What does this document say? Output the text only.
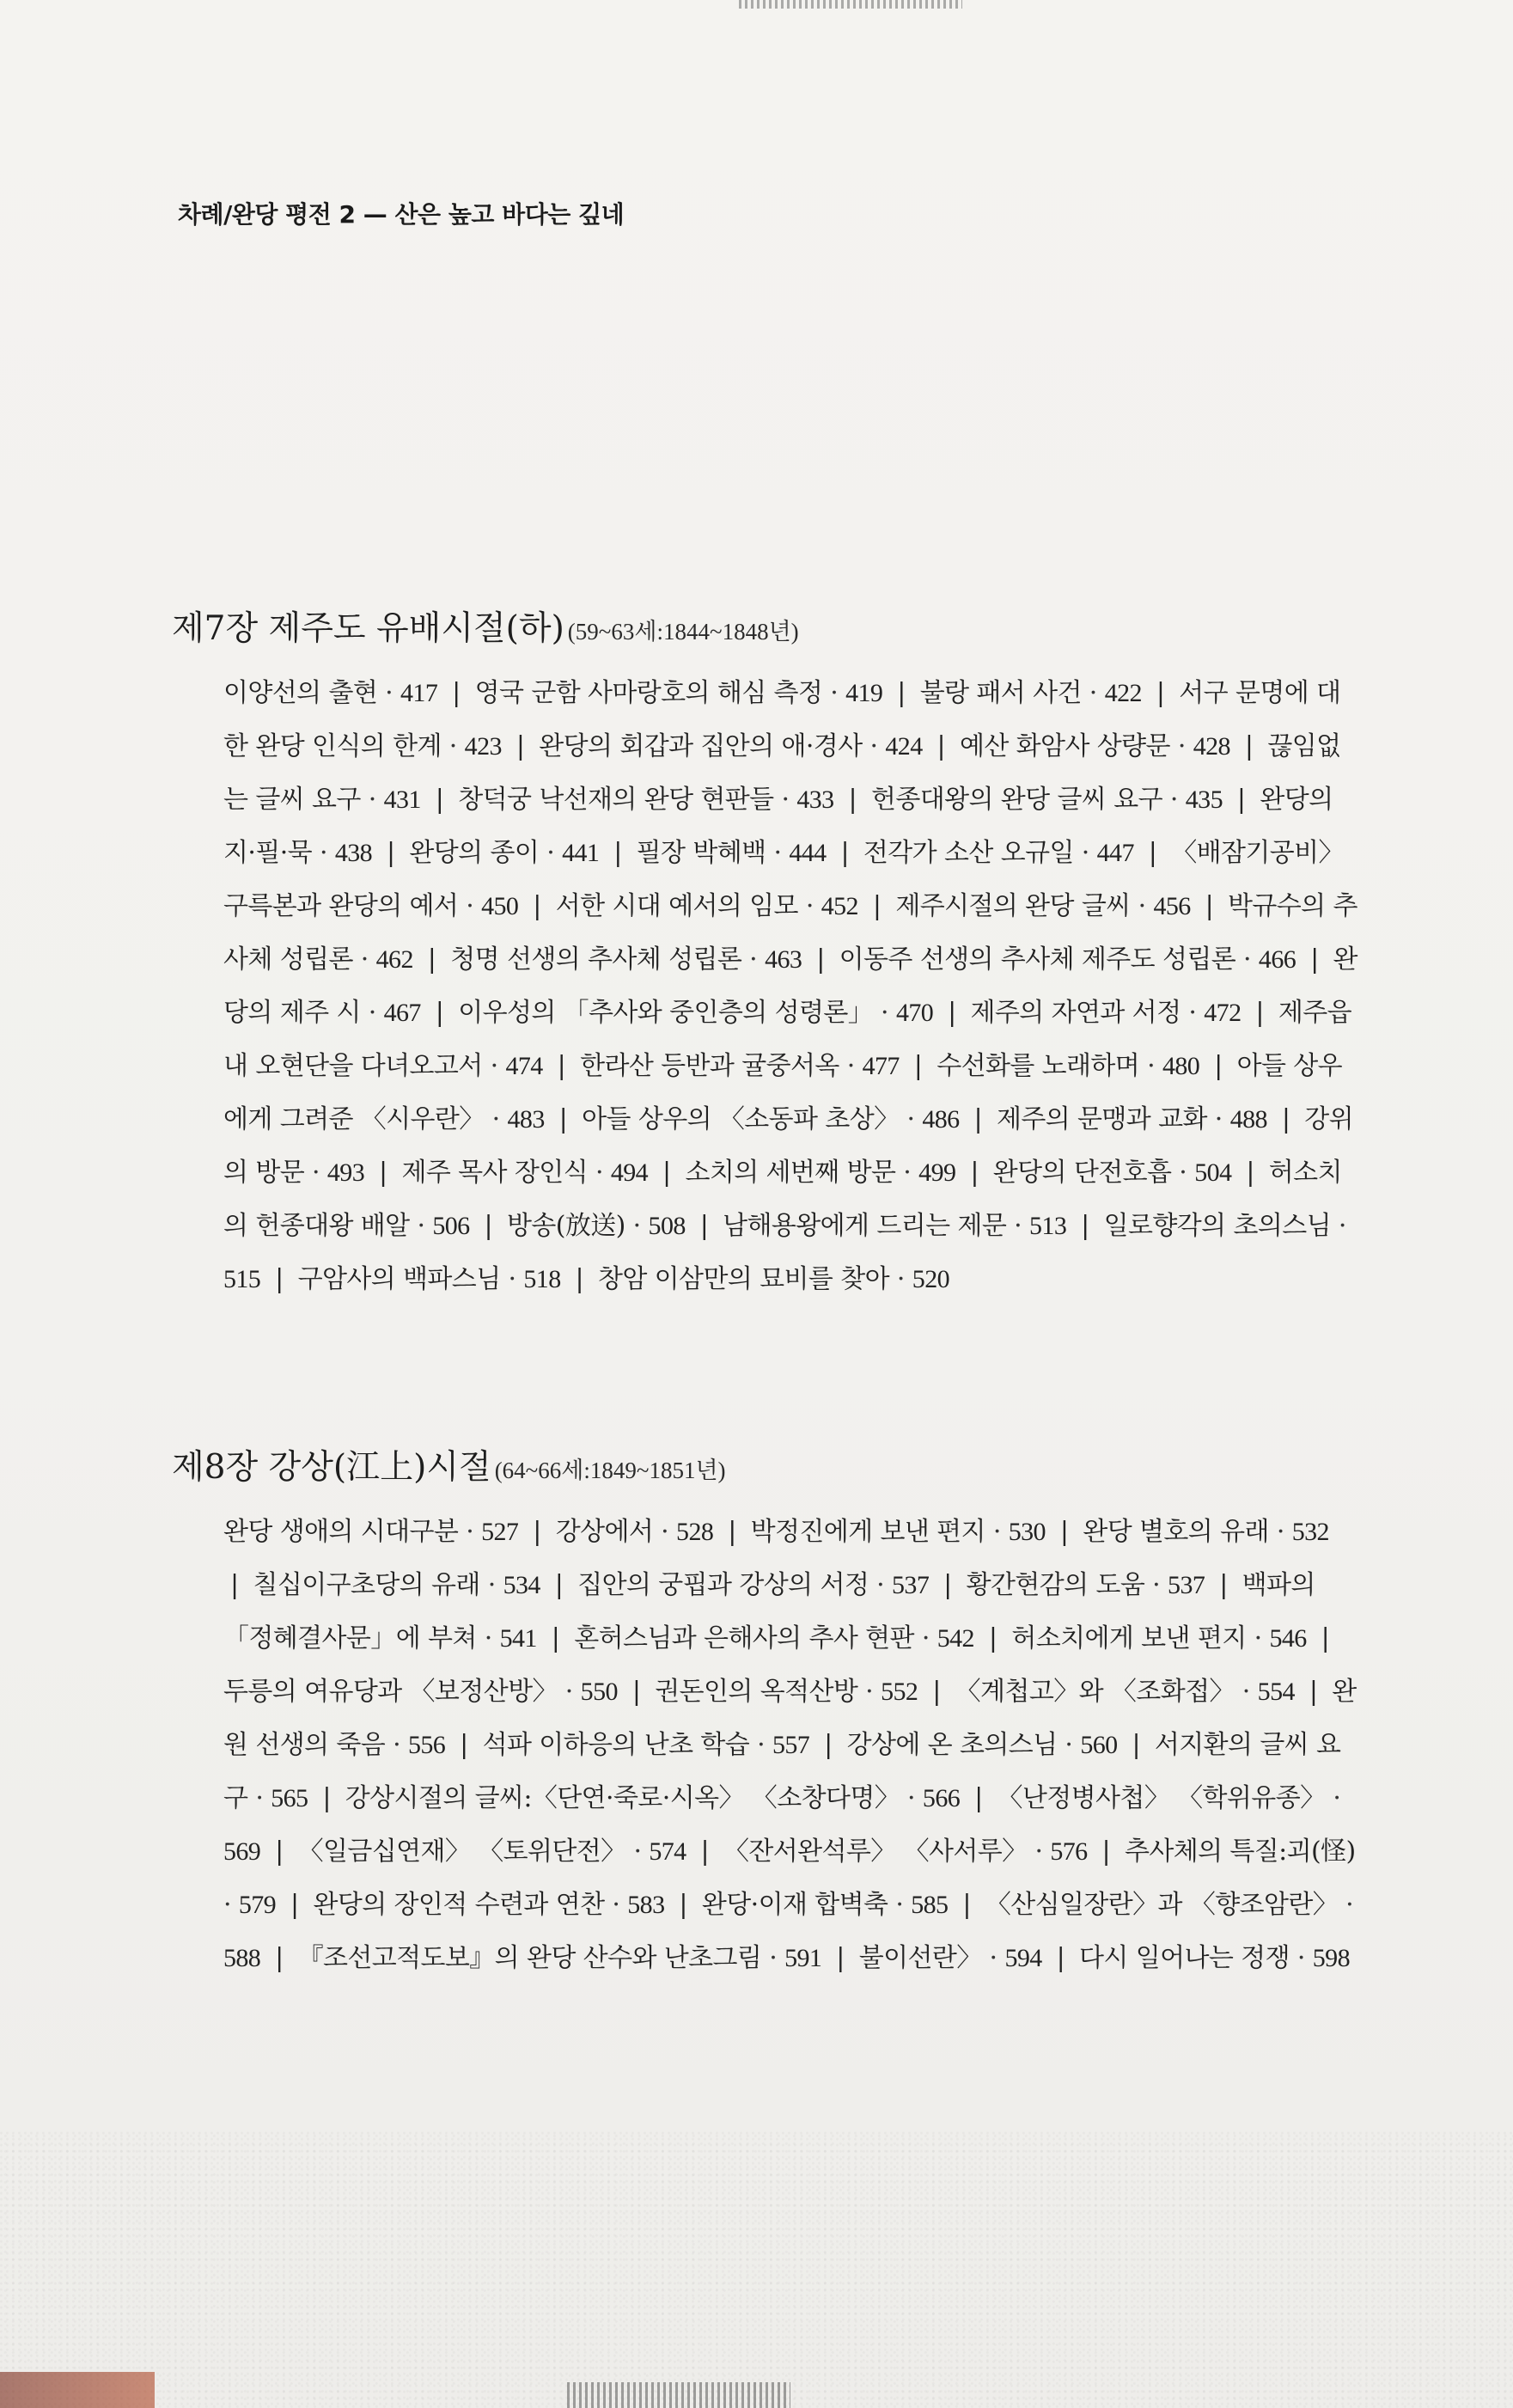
차례/완당 평전 2 — 산은 높고 바다는 깊네
제7장 제주도 유배시절(하) (59~63세:1844~1848년)

이양선의 출현 · 417 | 영국 군함 사마랑호의 해심 측정 · 419 | 불랑 패서 사건 · 422 | 서구 문명에 대한 완당 인식의 한계 · 423 | 완당의 회갑과 집안의 애·경사 · 424 | 예산 화암사 상량문 · 428 | 끊임없는 글씨 요구 · 431 | 창덕궁 낙선재의 완당 현판들 · 433 | 헌종대왕의 완당 글씨 요구 · 435 | 완당의 지·필·묵 · 438 | 완당의 종이 · 441 | 필장 박혜백 · 444 | 전각가 소산 오규일 · 447 | 〈배잠기공비〉 구륵본과 완당의 예서 · 450 | 서한 시대 예서의 임모 · 452 | 제주시절의 완당 글씨 · 456 | 박규수의 추사체 성립론 · 462 | 청명 선생의 추사체 성립론 · 463 | 이동주 선생의 추사체 제주도 성립론 · 466 | 완당의 제주 시 · 467 | 이우성의 「추사와 중인층의 성령론」 · 470 | 제주의 자연과 서정 · 472 | 제주읍내 오현단을 다녀오고서 · 474 | 한라산 등반과 귤중서옥 · 477 | 수선화를 노래하며 · 480 | 아들 상우에게 그려준 〈시우란〉 · 483 | 아들 상우의 〈소동파 초상〉 · 486 | 제주의 문맹과 교화 · 488 | 강위의 방문 · 493 | 제주 목사 장인식 · 494 | 소치의 세번째 방문 · 499 | 완당의 단전호흡 · 504 | 허소치의 헌종대왕 배알 · 506 | 방송(放送) · 508 | 남해용왕에게 드리는 제문 · 513 | 일로향각의 초의스님 · 515 | 구암사의 백파스님 · 518 | 창암 이삼만의 묘비를 찾아 · 520

제8장 강상(江上)시절 (64~66세:1849~1851년)

완당 생애의 시대구분 · 527 | 강상에서 · 528 | 박정진에게 보낸 편지 · 530 | 완당 별호의 유래 · 532 | 칠십이구초당의 유래 · 534 | 집안의 궁핍과 강상의 서정 · 537 | 황간현감의 도움 · 537 | 백파의 「정혜결사문」에 부쳐 · 541 | 혼허스님과 은해사의 추사 현판 · 542 | 허소치에게 보낸 편지 · 546 | 두릉의 여유당과 〈보정산방〉 · 550 | 권돈인의 옥적산방 · 552 | 〈계첩고〉와 〈조화접〉 · 554 | 완원 선생의 죽음 · 556 | 석파 이하응의 난초 학습 · 557 | 강상에 온 초의스님 · 560 | 서지환의 글씨 요구 · 565 | 강상시절의 글씨:〈단연·죽로·시옥〉 〈소창다명〉 · 566 | 〈난정병사첩〉 〈학위유종〉 · 569 | 〈일금십연재〉 〈토위단전〉 · 574 | 〈잔서완석루〉 〈사서루〉 · 576 | 추사체의 특질:괴(怪) · 579 | 완당의 장인적 수련과 연찬 · 583 | 완당·이재 합벽축 · 585 | 〈산심일장란〉과 〈향조암란〉 · 588 | 『조선고적도보』의 완당 산수와 난초그림 · 591 | 불이선란〉 · 594 | 다시 일어나는 정쟁 · 598
